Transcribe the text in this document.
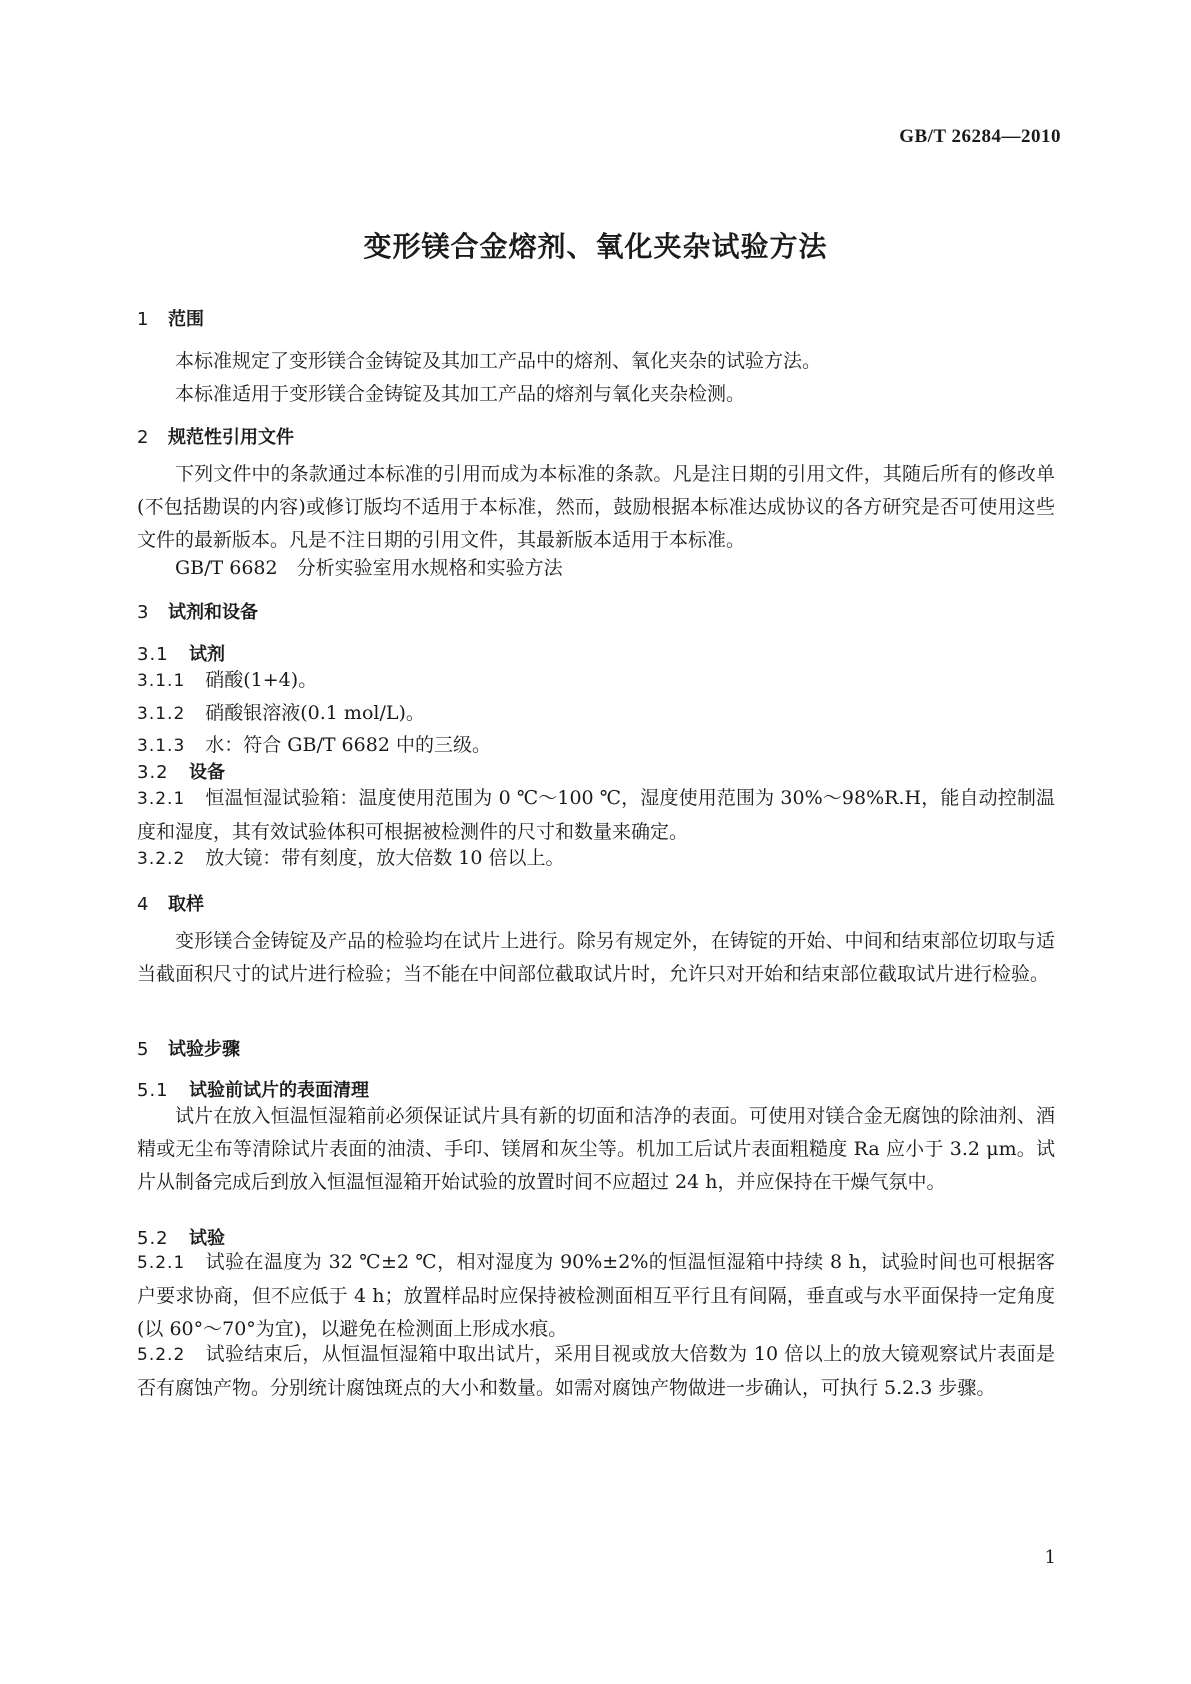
GB/T 26284—2010
变形镁合金熔剂、氧化夹杂试验方法
1 范围
本标准规定了变形镁合金铸锭及其加工产品中的熔剂、氧化夹杂的试验方法。
本标准适用于变形镁合金铸锭及其加工产品的熔剂与氧化夹杂检测。
2 规范性引用文件
下列文件中的条款通过本标准的引用而成为本标准的条款。凡是注日期的引用文件，其随后所有的修改单(不包括勘误的内容)或修订版均不适用于本标准，然而，鼓励根据本标准达成协议的各方研究是否可使用这些文件的最新版本。凡是不注日期的引用文件，其最新版本适用于本标准。
GB/T 6682　分析实验室用水规格和实验方法
3 试剂和设备
3.1 试剂
3.1.1 硝酸(1+4)。
3.1.2 硝酸银溶液(0.1 mol/L)。
3.1.3 水：符合 GB/T 6682 中的三级。
3.2 设备
3.2.1 恒温恒湿试验箱：温度使用范围为 0 ℃～100 ℃，湿度使用范围为 30%～98%R.H，能自动控制温度和湿度，其有效试验体积可根据被检测件的尺寸和数量来确定。
3.2.2 放大镜：带有刻度，放大倍数 10 倍以上。
4 取样
变形镁合金铸锭及产品的检验均在试片上进行。除另有规定外，在铸锭的开始、中间和结束部位切取与适当截面积尺寸的试片进行检验；当不能在中间部位截取试片时，允许只对开始和结束部位截取试片进行检验。
5 试验步骤
5.1 试验前试片的表面清理
试片在放入恒温恒湿箱前必须保证试片具有新的切面和洁净的表面。可使用对镁合金无腐蚀的除油剂、酒精或无尘布等清除试片表面的油渍、手印、镁屑和灰尘等。机加工后试片表面粗糙度 Ra 应小于 3.2 μm。试片从制备完成后到放入恒温恒湿箱开始试验的放置时间不应超过 24 h，并应保持在干燥气氛中。
5.2 试验
5.2.1 试验在温度为 32 ℃±2 ℃，相对湿度为 90%±2%的恒温恒湿箱中持续 8 h，试验时间也可根据客户要求协商，但不应低于 4 h；放置样品时应保持被检测面相互平行且有间隔，垂直或与水平面保持一定角度(以 60°～70°为宜)，以避免在检测面上形成水痕。
5.2.2 试验结束后，从恒温恒湿箱中取出试片，采用目视或放大倍数为 10 倍以上的放大镜观察试片表面是否有腐蚀产物。分别统计腐蚀斑点的大小和数量。如需对腐蚀产物做进一步确认，可执行 5.2.3 步骤。
1
